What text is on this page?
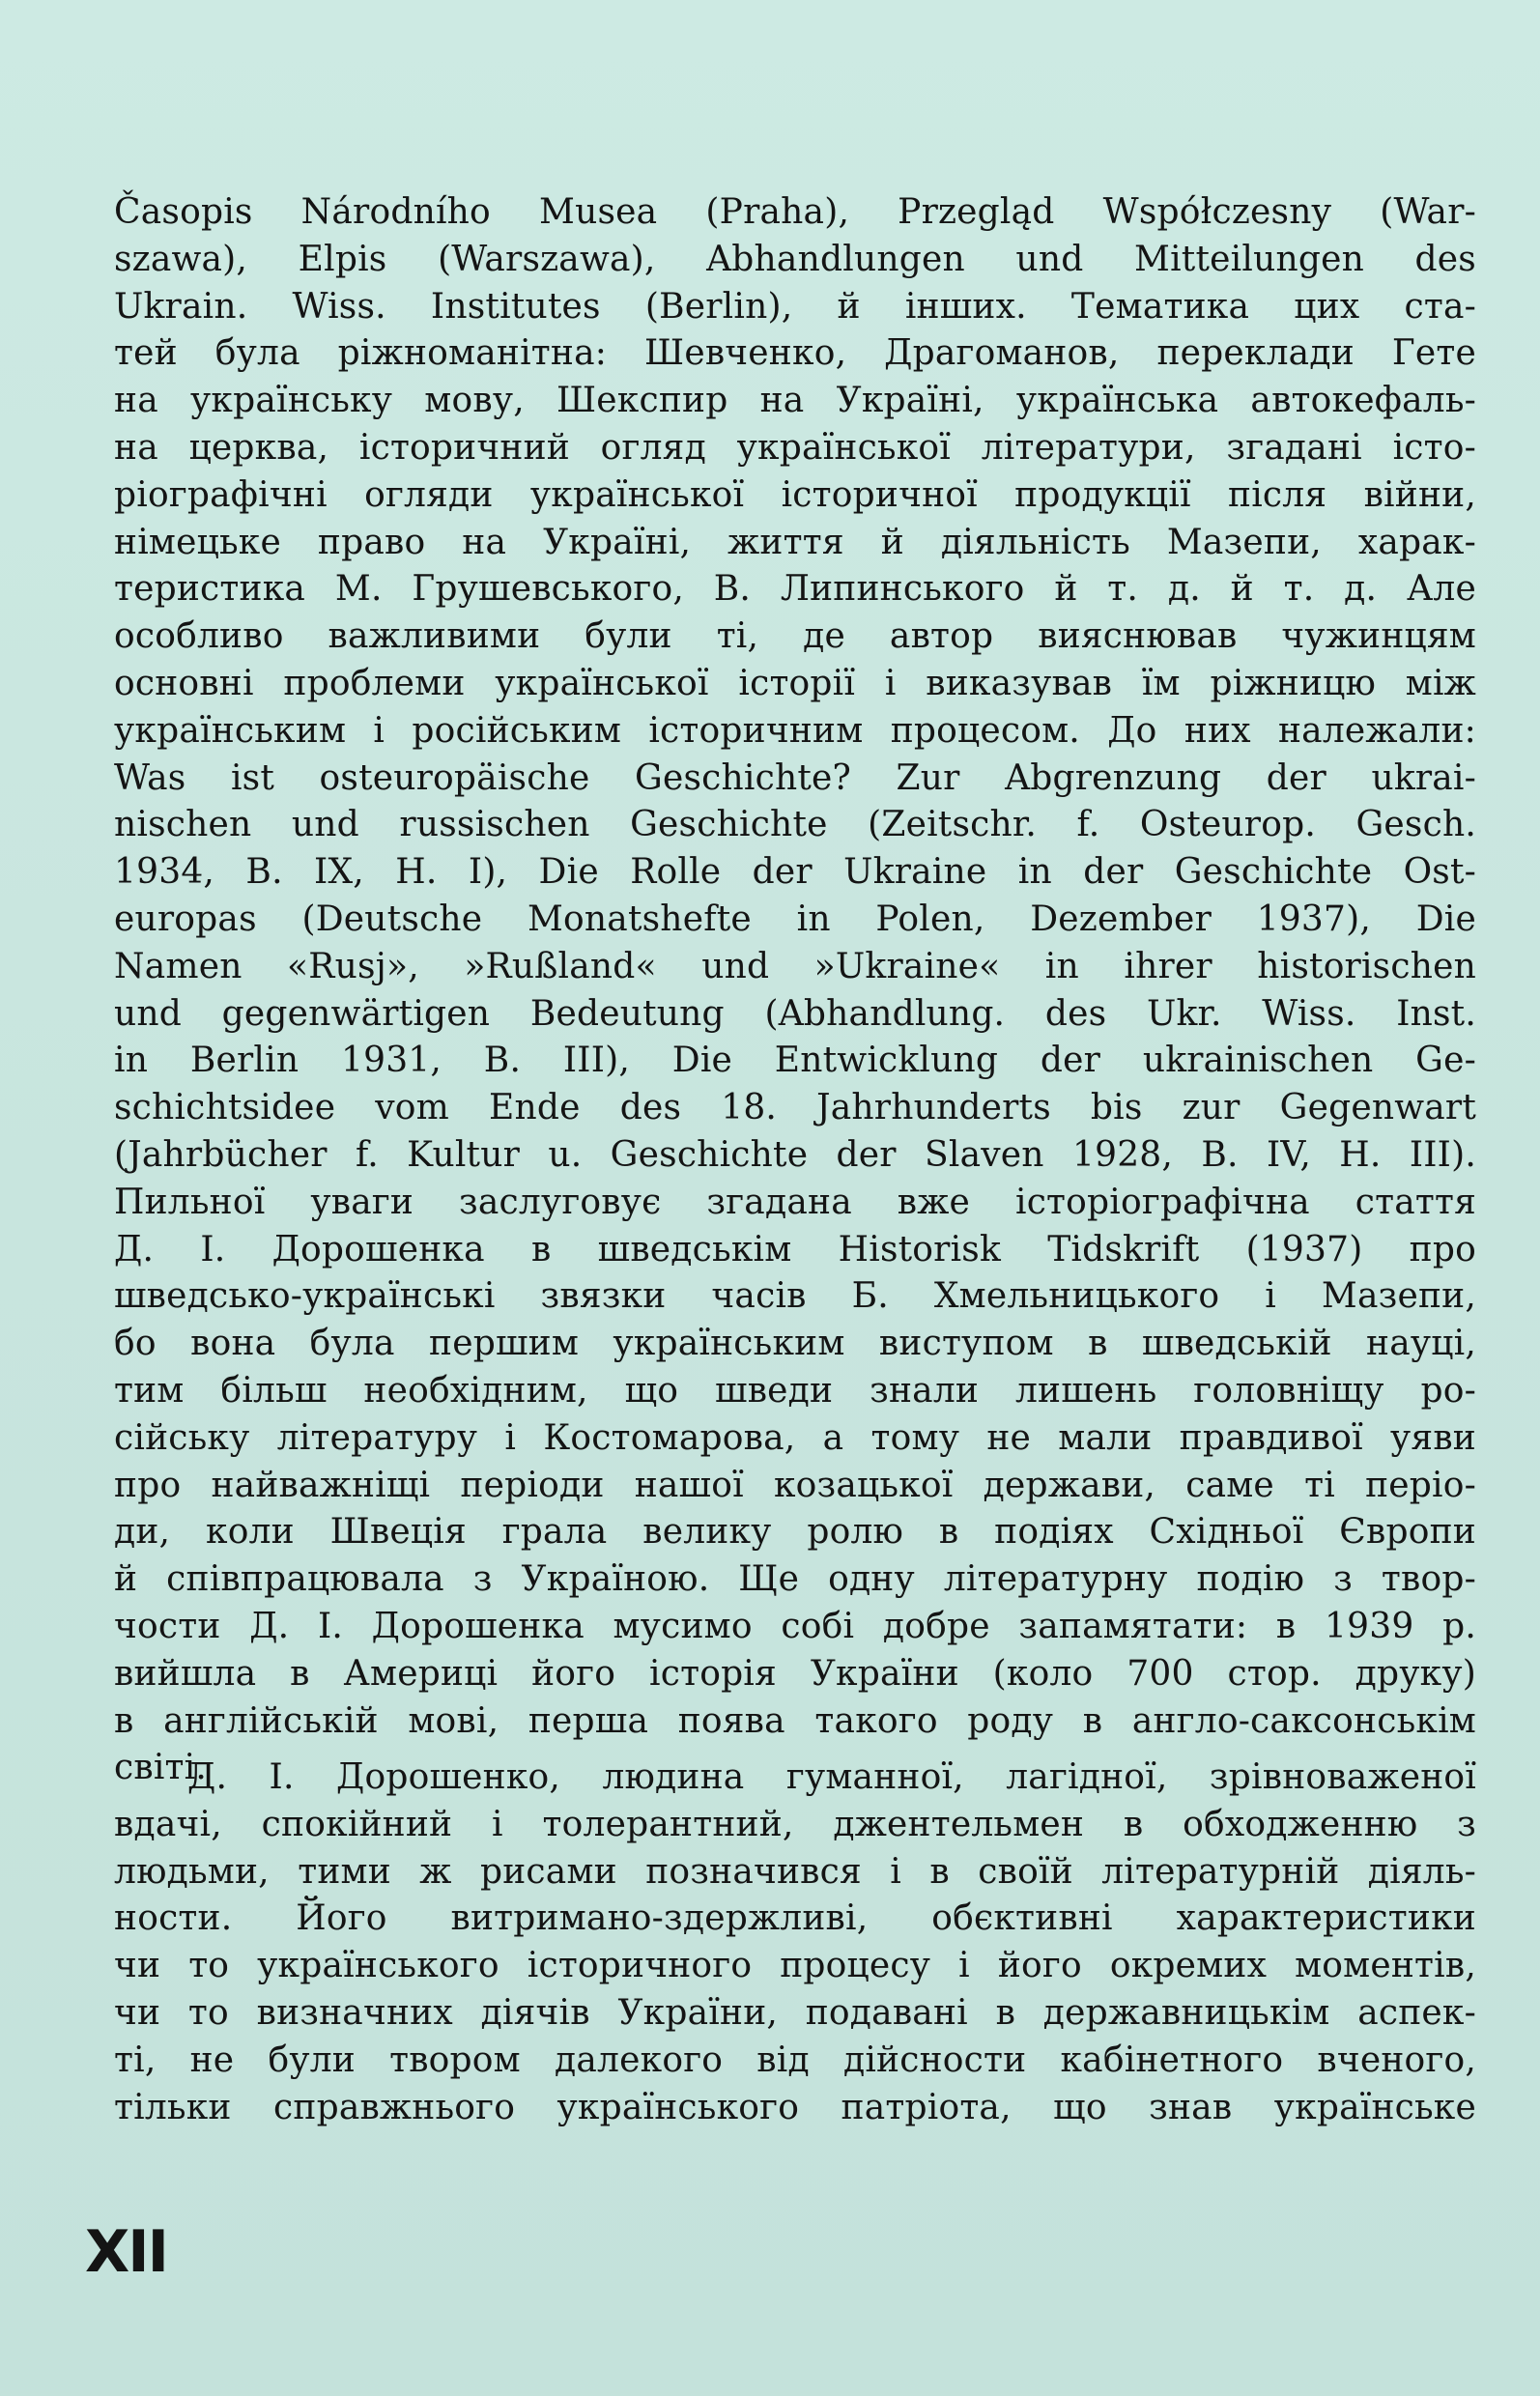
Časopis Národního Musea (Praha), Przegląd Współczesny (War-
szawa), Elpis (Warszawa), Abhandlungen und Mitteilungen des
Ukrain. Wiss. Institutes (Berlin), й інших. Тематика цих ста-
тей була ріжноманітна: Шевченко, Драгоманов, переклади Гете
на українську мову, Шекспир на Україні, українська автокефаль-
на церква, історичний огляд української літератури, згадані істо-
ріографічні огляди української історичної продукції після війни,
німецьке право на Україні, життя й діяльність Мазепи, харак-
теристика М. Грушевського, В. Липинського й т. д. й т. д. Але
особливо важливими були ті, де автор вияснював чужинцям
основні проблеми української історії і виказував їм ріжницю між
українським і російським історичним процесом. До них належали:
Was ist osteuropäische Geschichte? Zur Abgrenzung der ukrai-
nischen und russischen Geschichte (Zeitschr. f. Osteurop. Gesch.
1934, B. IX, H. I), Die Rolle der Ukraine in der Geschichte Ost-
europas (Deutsche Monatshefte in Polen, Dezember 1937), Die
Namen «Rusj», »Rußland« und »Ukraine« in ihrer historischen
und gegenwärtigen Bedeutung (Abhandlung. des Ukr. Wiss. Inst.
in Berlin 1931, B. III), Die Entwicklung der ukrainischen Ge-
schichtsidee vom Ende des 18. Jahrhunderts bis zur Gegenwart
(Jahrbücher f. Kultur u. Geschichte der Slaven 1928, B. IV, H. III).
Пильної уваги заслуговує згадана вже історіографічна стаття
Д. І. Дорошенка в шведськім Historisk Tidskrift (1937) про
шведсько-українські звязки часів Б. Хмельницького і Мазепи,
бо вона була першим українським виступом в шведській науці,
тим більш необхідним, що шведи знали лишень головніщу ро-
сійську літературу і Костомарова, а тому не мали правдивої уяви
про найважніщі періоди нашої козацької держави, саме ті періо-
ди, коли Швеція грала велику ролю в подіях Східньої Європи
й співпрацювала з Україною. Ще одну літературну подію з твор-
чости Д. І. Дорошенка мусимо собі добре запамятати: в 1939 р.
вийшла в Америці його історія України (коло 700 стор. друку)
в англійській мові, перша поява такого роду в англо-саксонськім
світі.
Д. І. Дорошенко, людина гуманної, лагідної, зрівноваженої
вдачі, спокійний і толерантний, джентельмен в обходженню з
людьми, тими ж рисами позначився і в своїй літературній діяль-
ности. Його витримано-здержливі, обєктивні характеристики
чи то українського історичного процесу і його окремих моментів,
чи то визначних діячів України, подавані в державницькім аспек-
ті, не були твором далекого від дійсности кабінетного вченого,
тільки справжнього українського патріота, що знав українське
XII
